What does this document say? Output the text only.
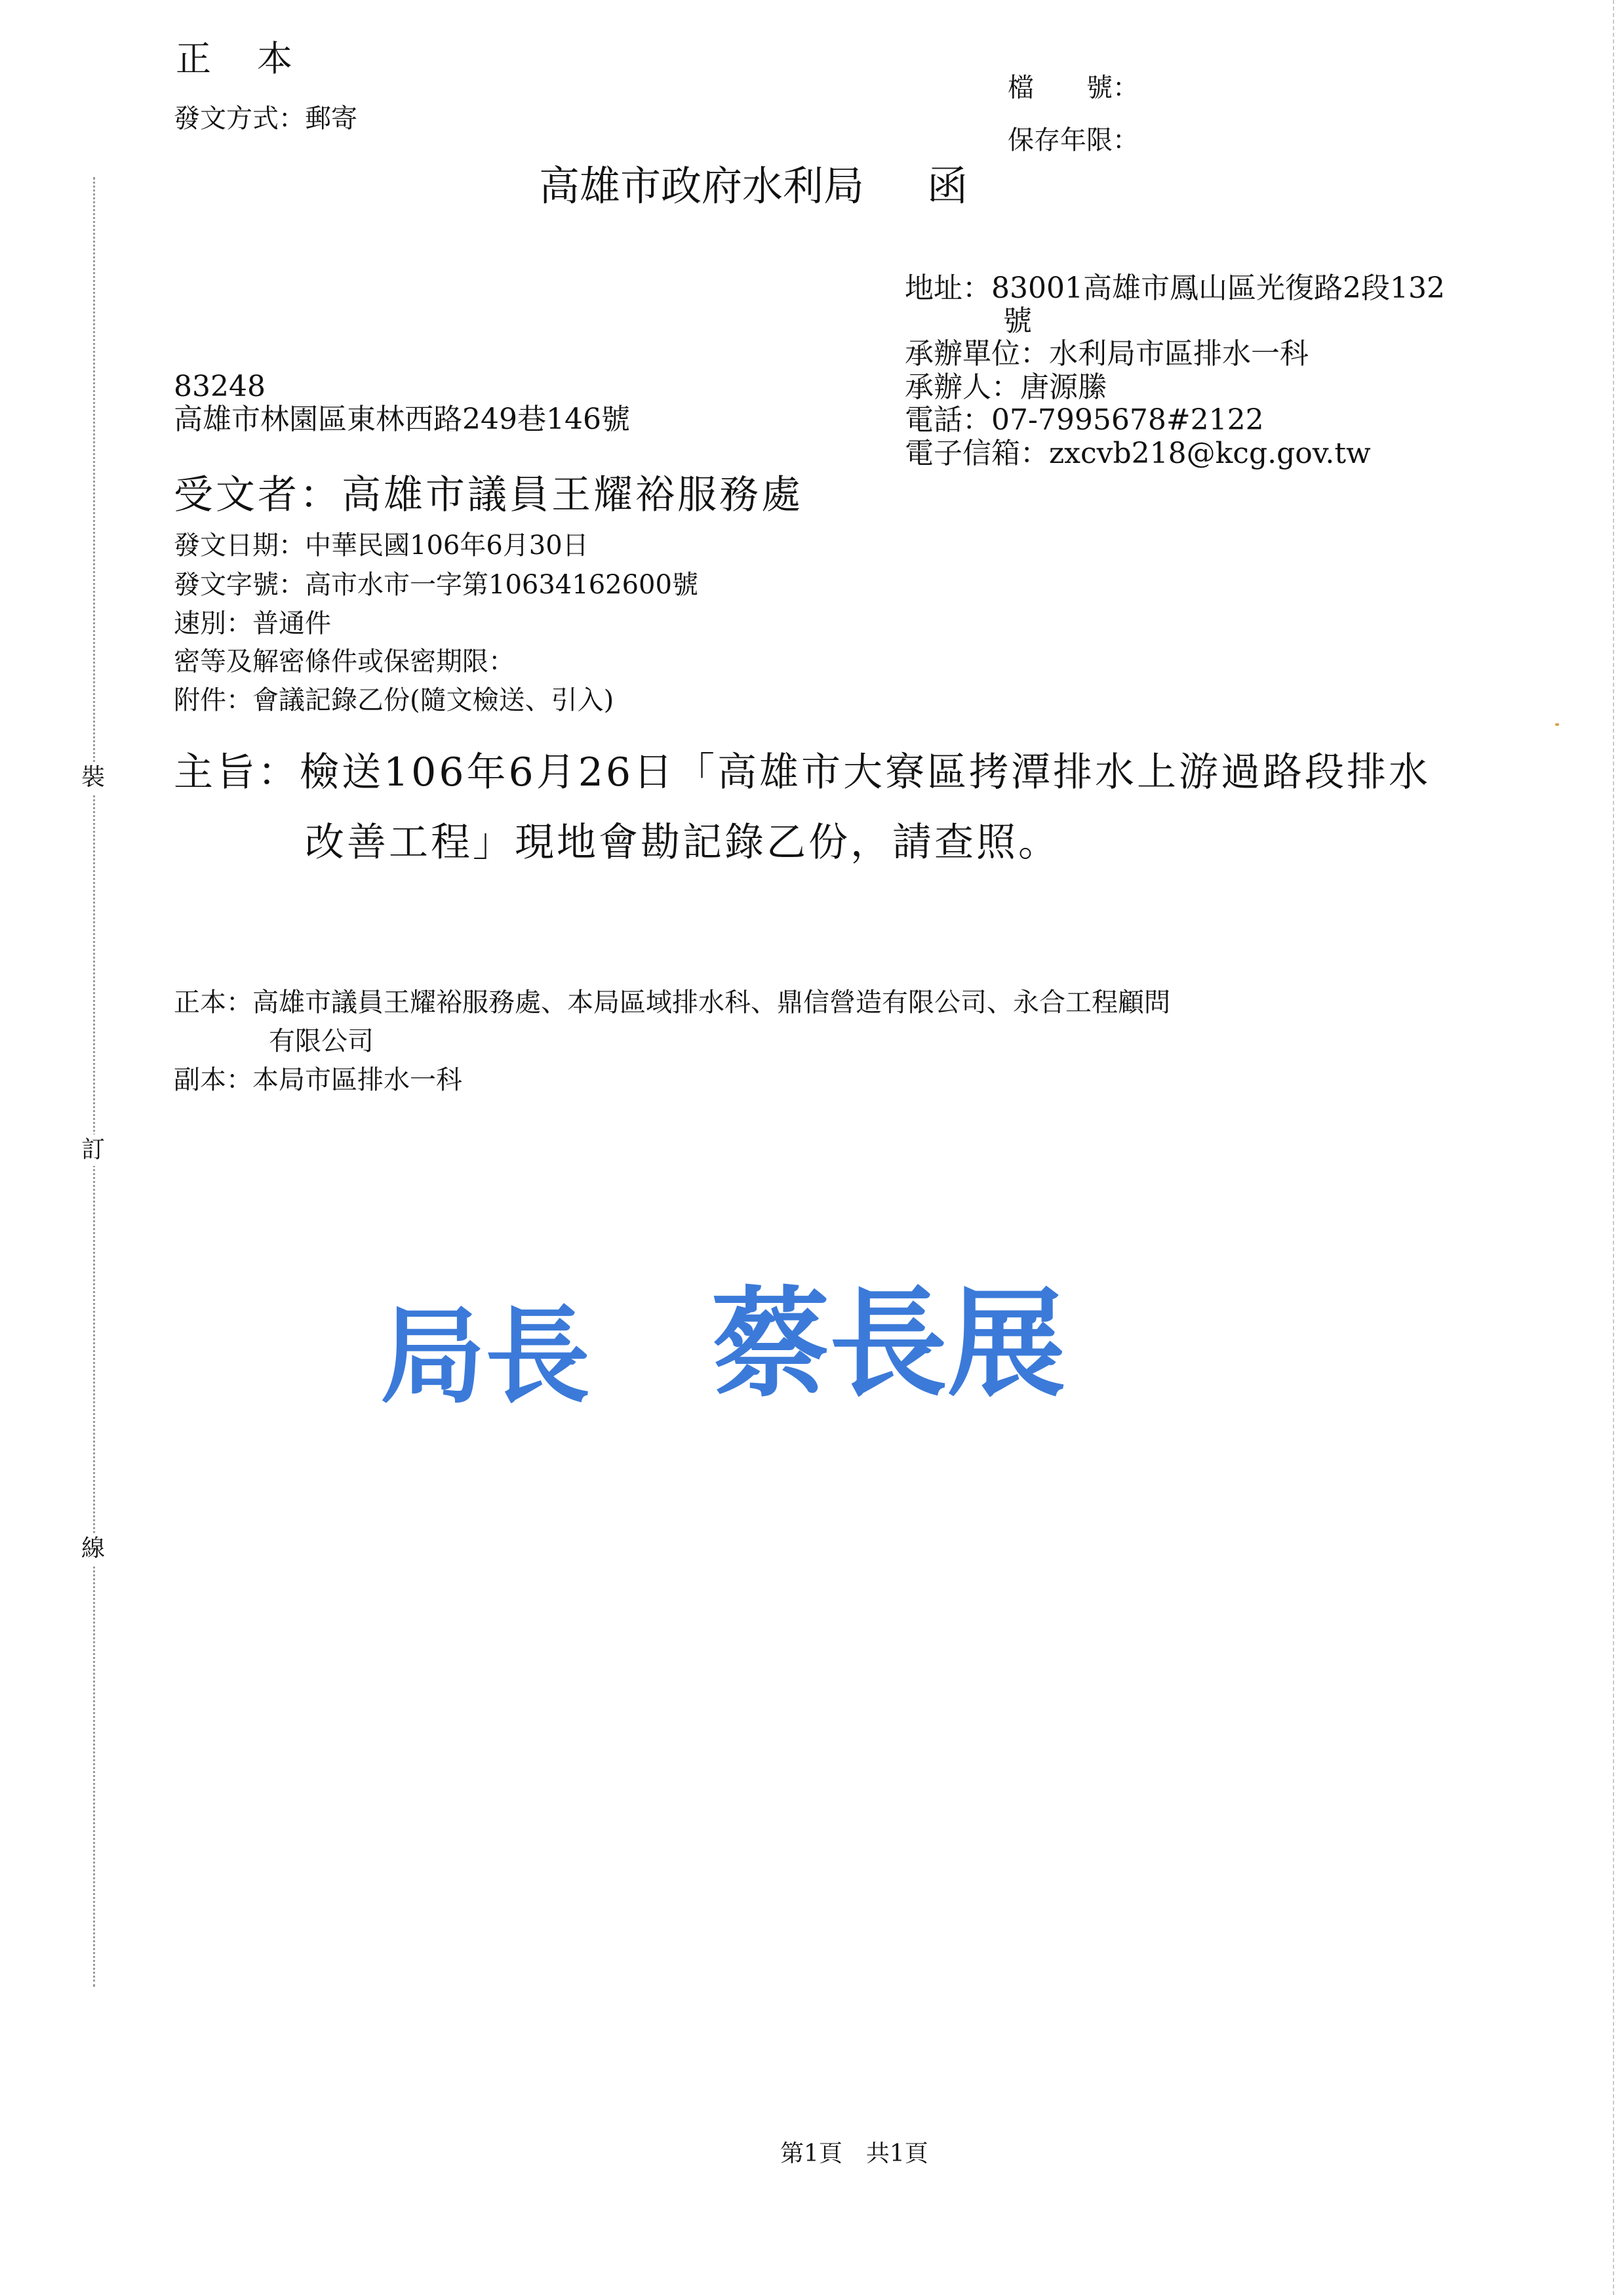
裝
訂
線
正　本
發文方式：郵寄
檔　　號：
保存年限：
高雄市政府水利局 函
地址：83001高雄市鳳山區光復路2段132
號
承辦單位：水利局市區排水一科
承辦人：唐源縢
電話：07-7995678#2122
電子信箱：zxcvb218@kcg.gov.tw
83248
高雄市林園區東林西路249巷146號
受文者：高雄市議員王耀裕服務處
發文日期：中華民國106年6月30日
發文字號：高市水市一字第10634162600號
速別：普通件
密等及解密條件或保密期限：
附件：會議記錄乙份(隨文檢送、引入)
主旨：檢送106年6月26日「高雄市大寮區拷潭排水上游過路段排水
改善工程」現地會勘記錄乙份，請查照。
正本：高雄市議員王耀裕服務處、本局區域排水科、鼎信營造有限公司、永合工程顧問
有限公司
副本：本局市區排水一科
局長 蔡長展
第1頁　共1頁
